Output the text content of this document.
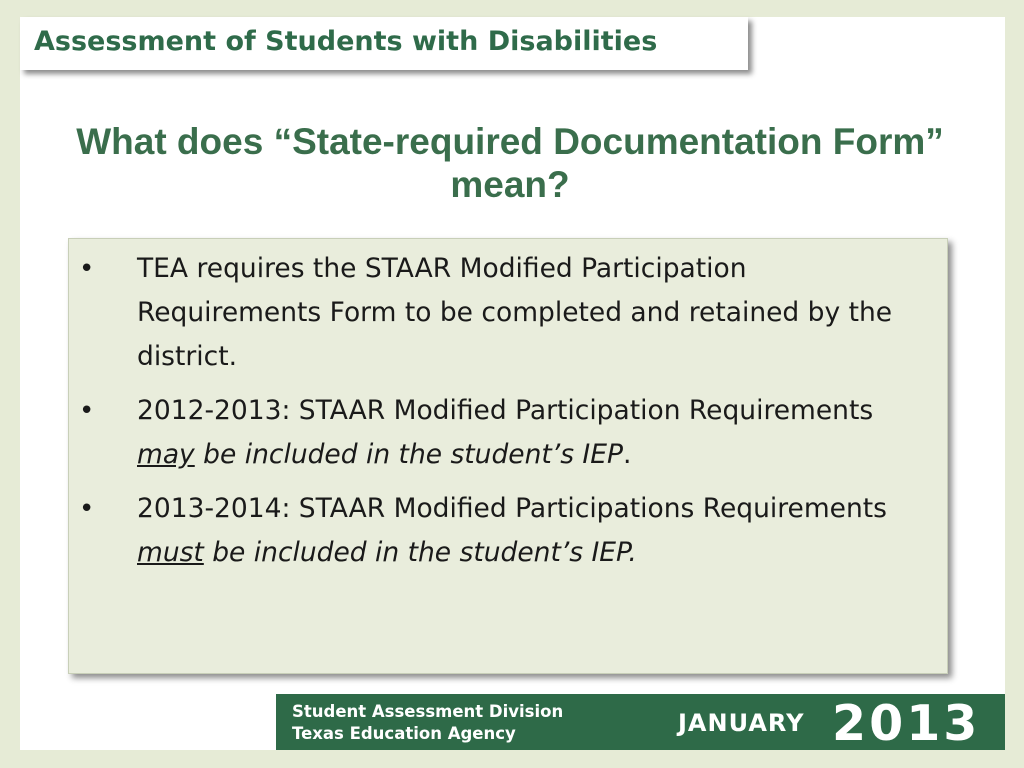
Assessment of Students with Disabilities
What does “State-required Documentation Form” mean?
• TEA requires the STAAR Modified Participation Requirements Form to be completed and retained by the district.
• 2012-2013: STAAR Modified Participation Requirements may be included in the student’s IEP.
• 2013-2014: STAAR Modified Participations Requirements must be included in the student’s IEP.
Student Assessment Division
Texas Education Agency	JANUARY 2013
